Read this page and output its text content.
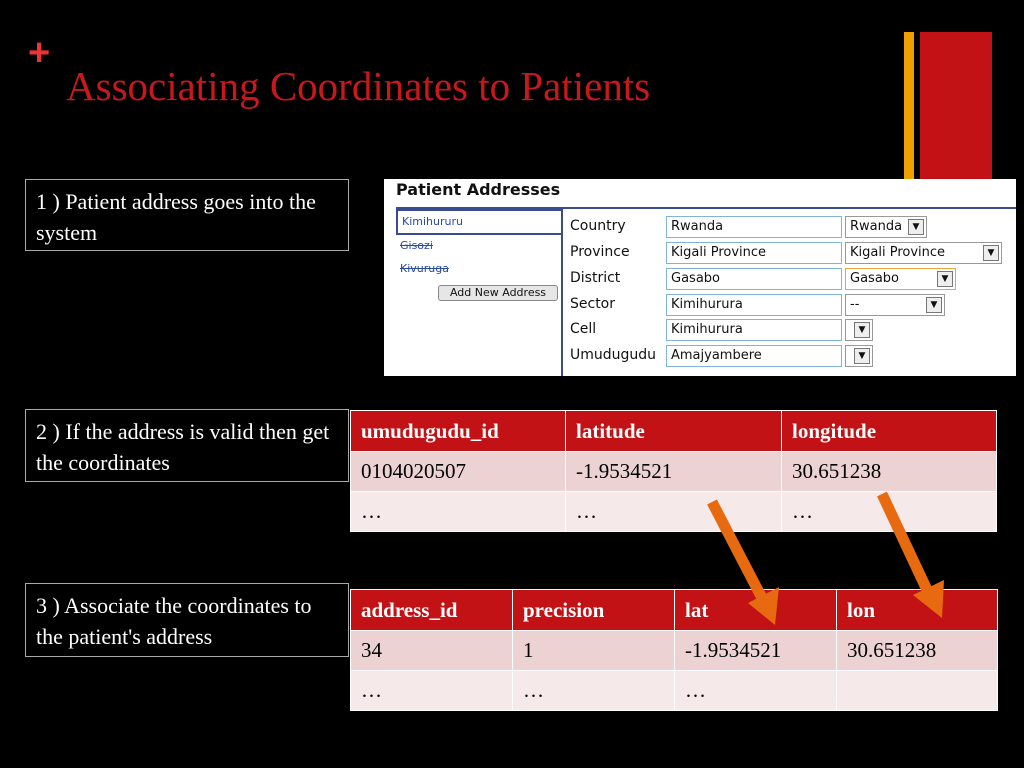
+
Associating Coordinates to Patients
1 ) Patient address goes into the system
2 ) If the address is valid then get the coordinates
3 ) Associate the coordinates to the patient's address
Patient Addresses
Kimihururu
Gisozi
Kivuruga
Add New Address
Country	Rwanda	Rwanda	▼
Province	Kigali Province	Kigali Province	▼
District	Gasabo	Gasabo	▼
Sector	Kimihurura	--	▼
Cell	Kimihurura	▼
Umudugudu	Amajyambere	▼
umudugudu_id	latitude	longitude
0104020507	-1.9534521	30.651238
…	…	…
address_id	precision	lat	lon
34	1	-1.9534521	30.651238
…	…	…	
